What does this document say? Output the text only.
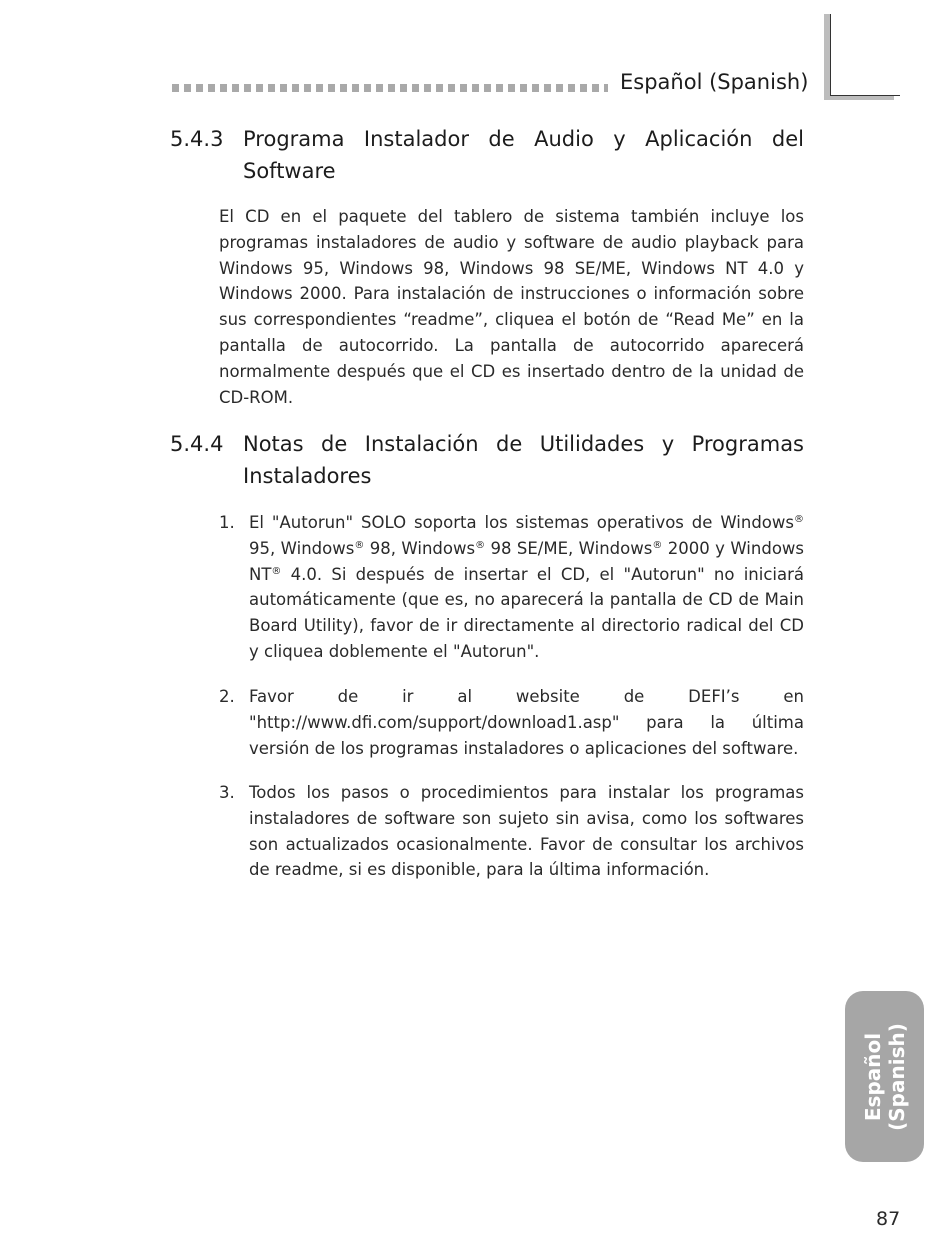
Español (Spanish)
5.4.3 Programa Instalador de Audio y Aplicación del Software
El CD en el paquete del tablero de sistema también incluye los programas instaladores de audio y software de audio playback para Windows 95, Windows 98, Windows 98 SE/ME, Windows NT 4.0 y Windows 2000. Para instalación de instrucciones o información sobre sus correspondientes “readme”, cliquea el botón de “Read Me” en la pantalla de autocorrido. La pantalla de autocorrido aparecerá normalmente después que el CD es insertado dentro de la unidad de CD-ROM.
5.4.4 Notas de Instalación de Utilidades y Programas Instaladores
1. El "Autorun" SOLO soporta los sistemas operativos de Windows® 95, Windows® 98, Windows® 98 SE/ME, Windows® 2000 y Windows NT® 4.0. Si después de insertar el CD, el "Autorun" no iniciará automáticamente (que es, no aparecerá la pantalla de CD de Main Board Utility), favor de ir directamente al directorio radical del CD y cliquea doblemente el "Autorun".
2. Favor de ir al website de DEFI’s en "http://www.dfi.com/support/download1.asp" para la última versión de los programas instaladores o aplicaciones del software.
3. Todos los pasos o procedimientos para instalar los programas instaladores de software son sujeto sin avisa, como los softwares son actualizados ocasionalmente. Favor de consultar los archivos de readme, si es disponible, para la última información.
Español (Spanish)
87
